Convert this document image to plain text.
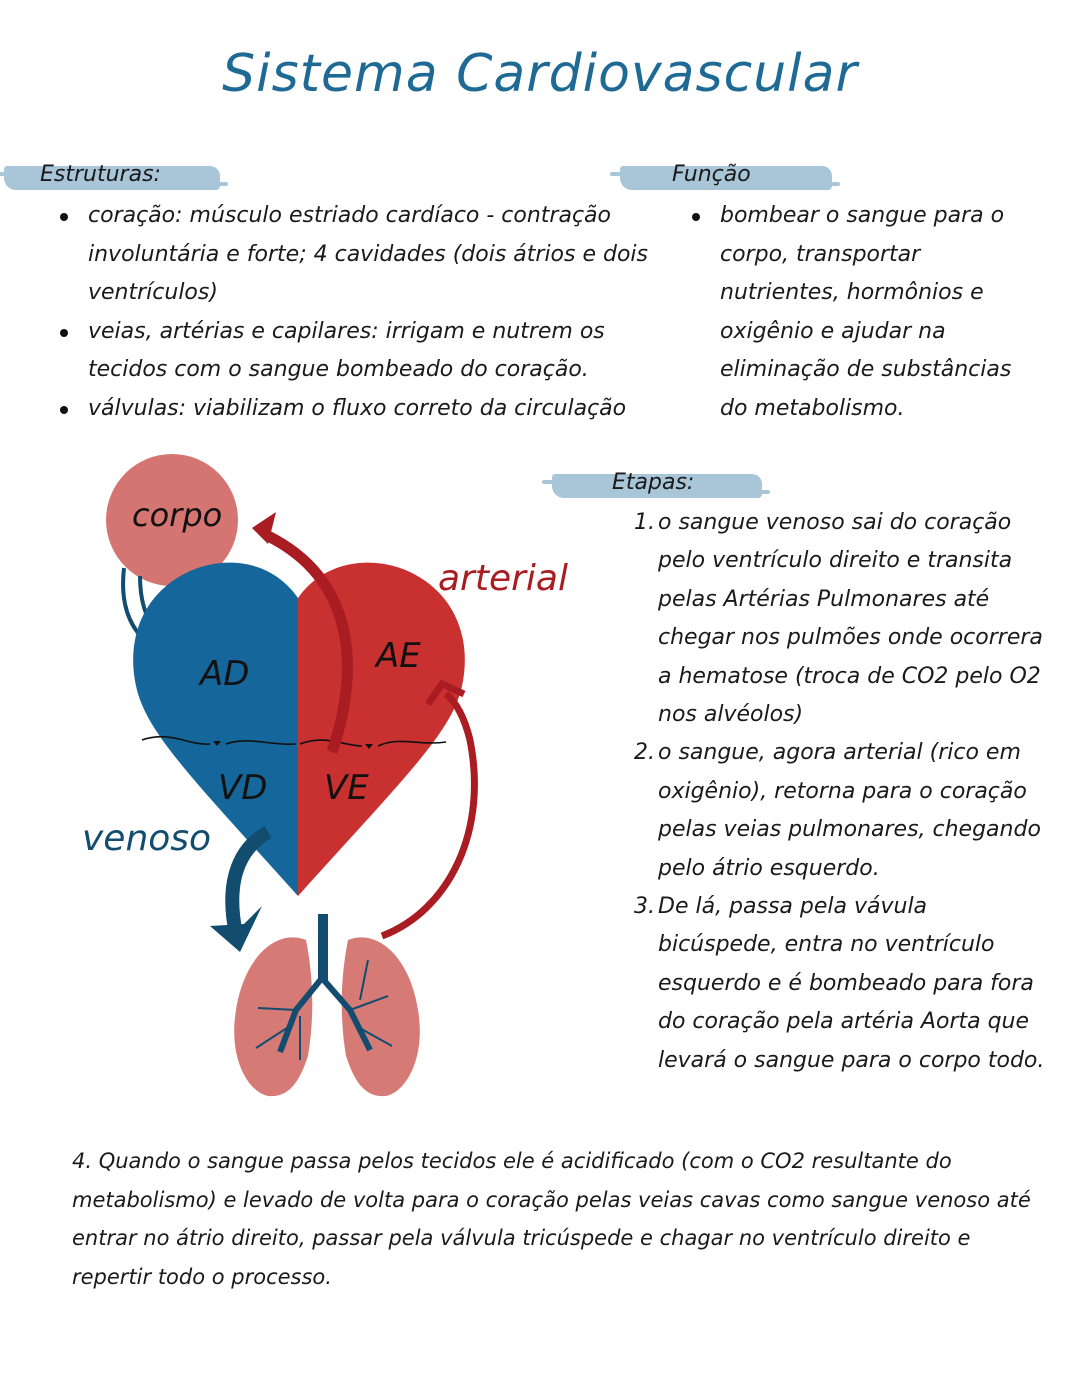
Sistema Cardiovascular
Estruturas:
coração: músculo estriado cardíaco - contração involuntária e forte; 4 cavidades (dois átrios e dois ventrículos)
veias, artérias e capilares: irrigam e nutrem os tecidos com o sangue bombeado do coração.
válvulas: viabilizam o fluxo correto da circulação
Função
bombear o sangue para o corpo, transportar nutrientes, hormônios e oxigênio e ajudar na eliminação de substâncias do metabolismo.
corpo
arterial
venoso
AD	AE
VD VE
Etapas:
1. o sangue venoso sai do coração pelo ventrículo direito e transita pelas Artérias Pulmonares até chegar nos pulmões onde ocorrera a hematose (troca de CO2 pelo O2 nos alvéolos)
2. o sangue, agora arterial (rico em oxigênio), retorna para o coração pelas veias pulmonares, chegando pelo átrio esquerdo.
3. De lá, passa pela vávula bicúspede, entra no ventrículo esquerdo e é bombeado para fora do coração pela artéria Aorta que levará o sangue para o corpo todo.
4. Quando o sangue passa pelos tecidos ele é acidificado (com o CO2 resultante do metabolismo) e levado de volta para o coração pelas veias cavas como sangue venoso até entrar no átrio direito, passar pela válvula tricúspede e chagar no ventrículo direito e repertir todo o processo.
